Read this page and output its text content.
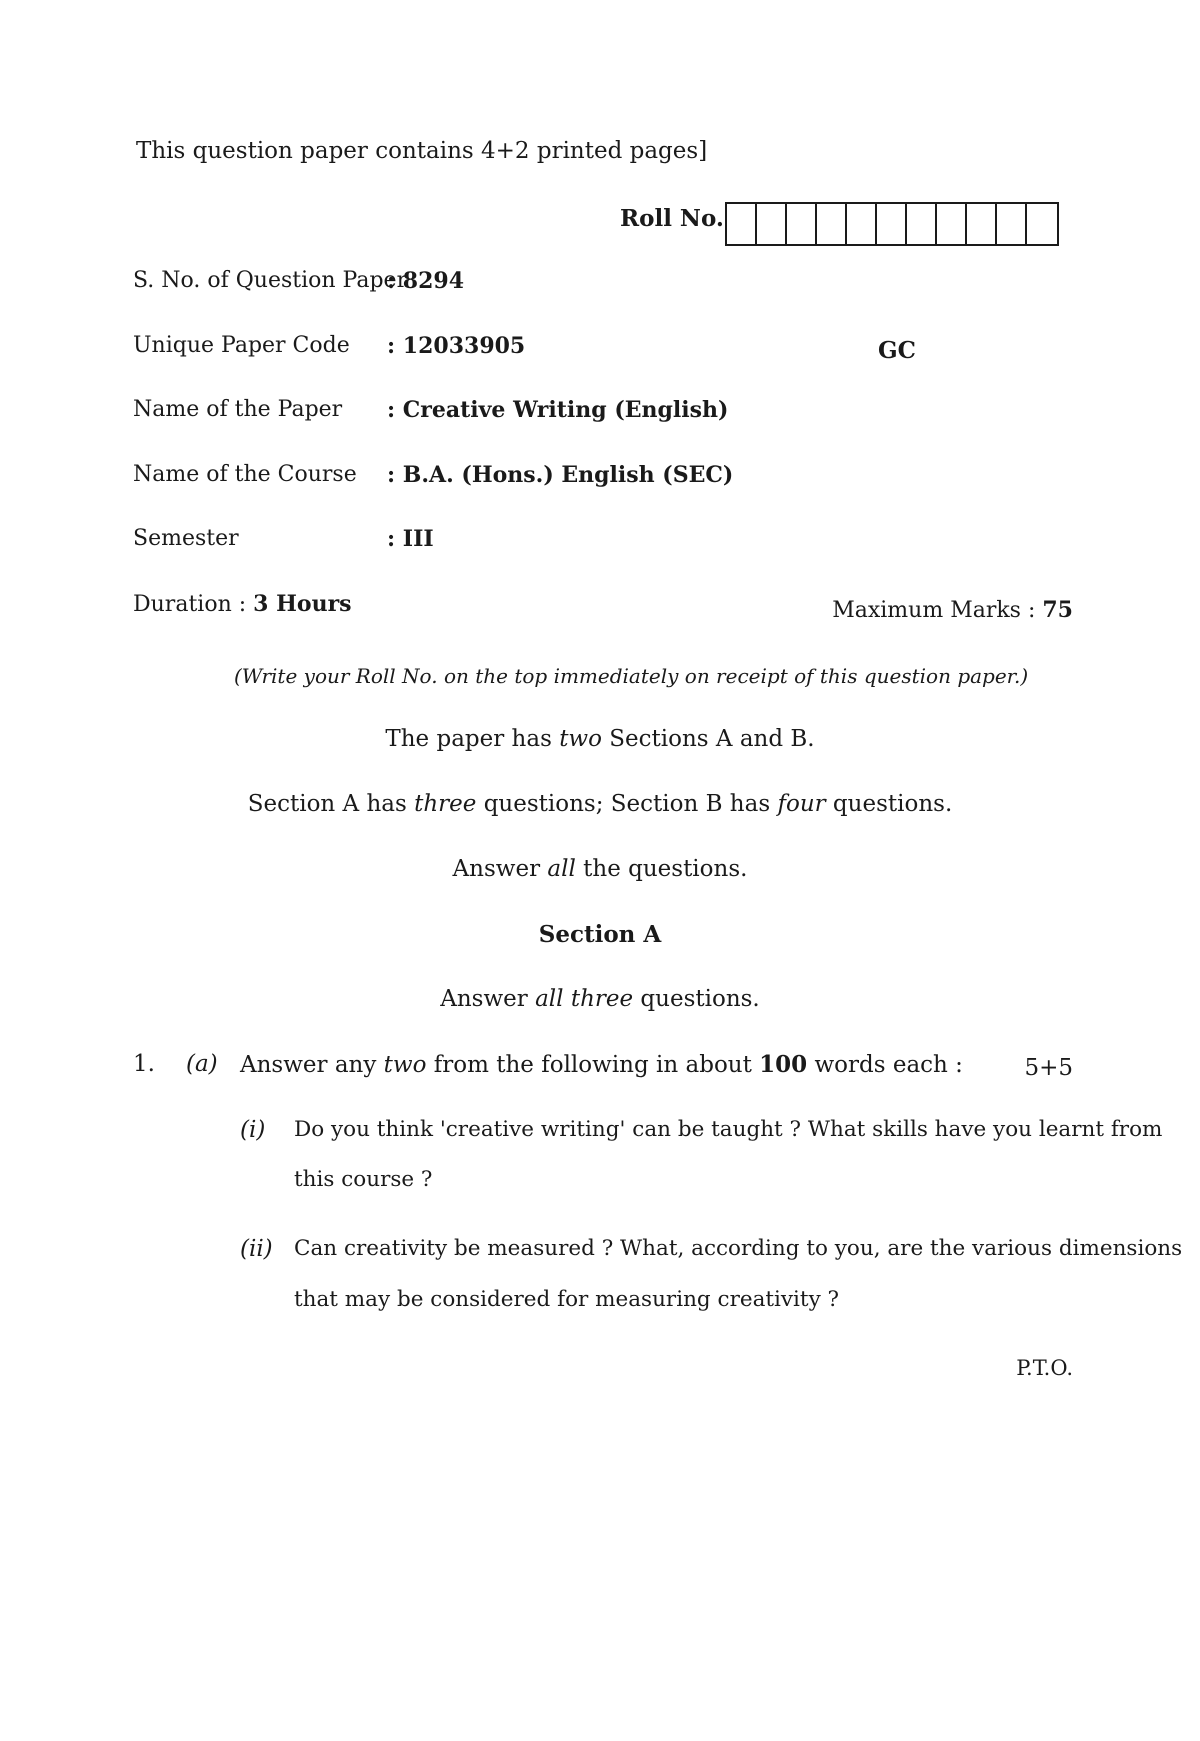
This question paper contains 4+2 printed pages]
Roll No.
S. No. of Question Paper
: 8294
Unique Paper Code : 12033905	GC
Name of the Paper : Creative Writing (English)
Name of the Course : B.A. (Hons.) English (SEC)
Semester	: III
Duration : 3 Hours	Maximum Marks : 75
(Write your Roll No. on the top immediately on receipt of this question paper.)
The paper has two Sections A and B.
Section A has three questions; Section B has four questions.
Answer all the questions.
Section A
Answer all three questions.
1. (a) Answer any two from the following in about 100 words each :	5+5
(i) Do you think 'creative writing' can be taught ? What skills have you learnt from
this course ?
(ii) Can creativity be measured ? What, according to you, are the various dimensions
that may be considered for measuring creativity ?
P.T.O.
